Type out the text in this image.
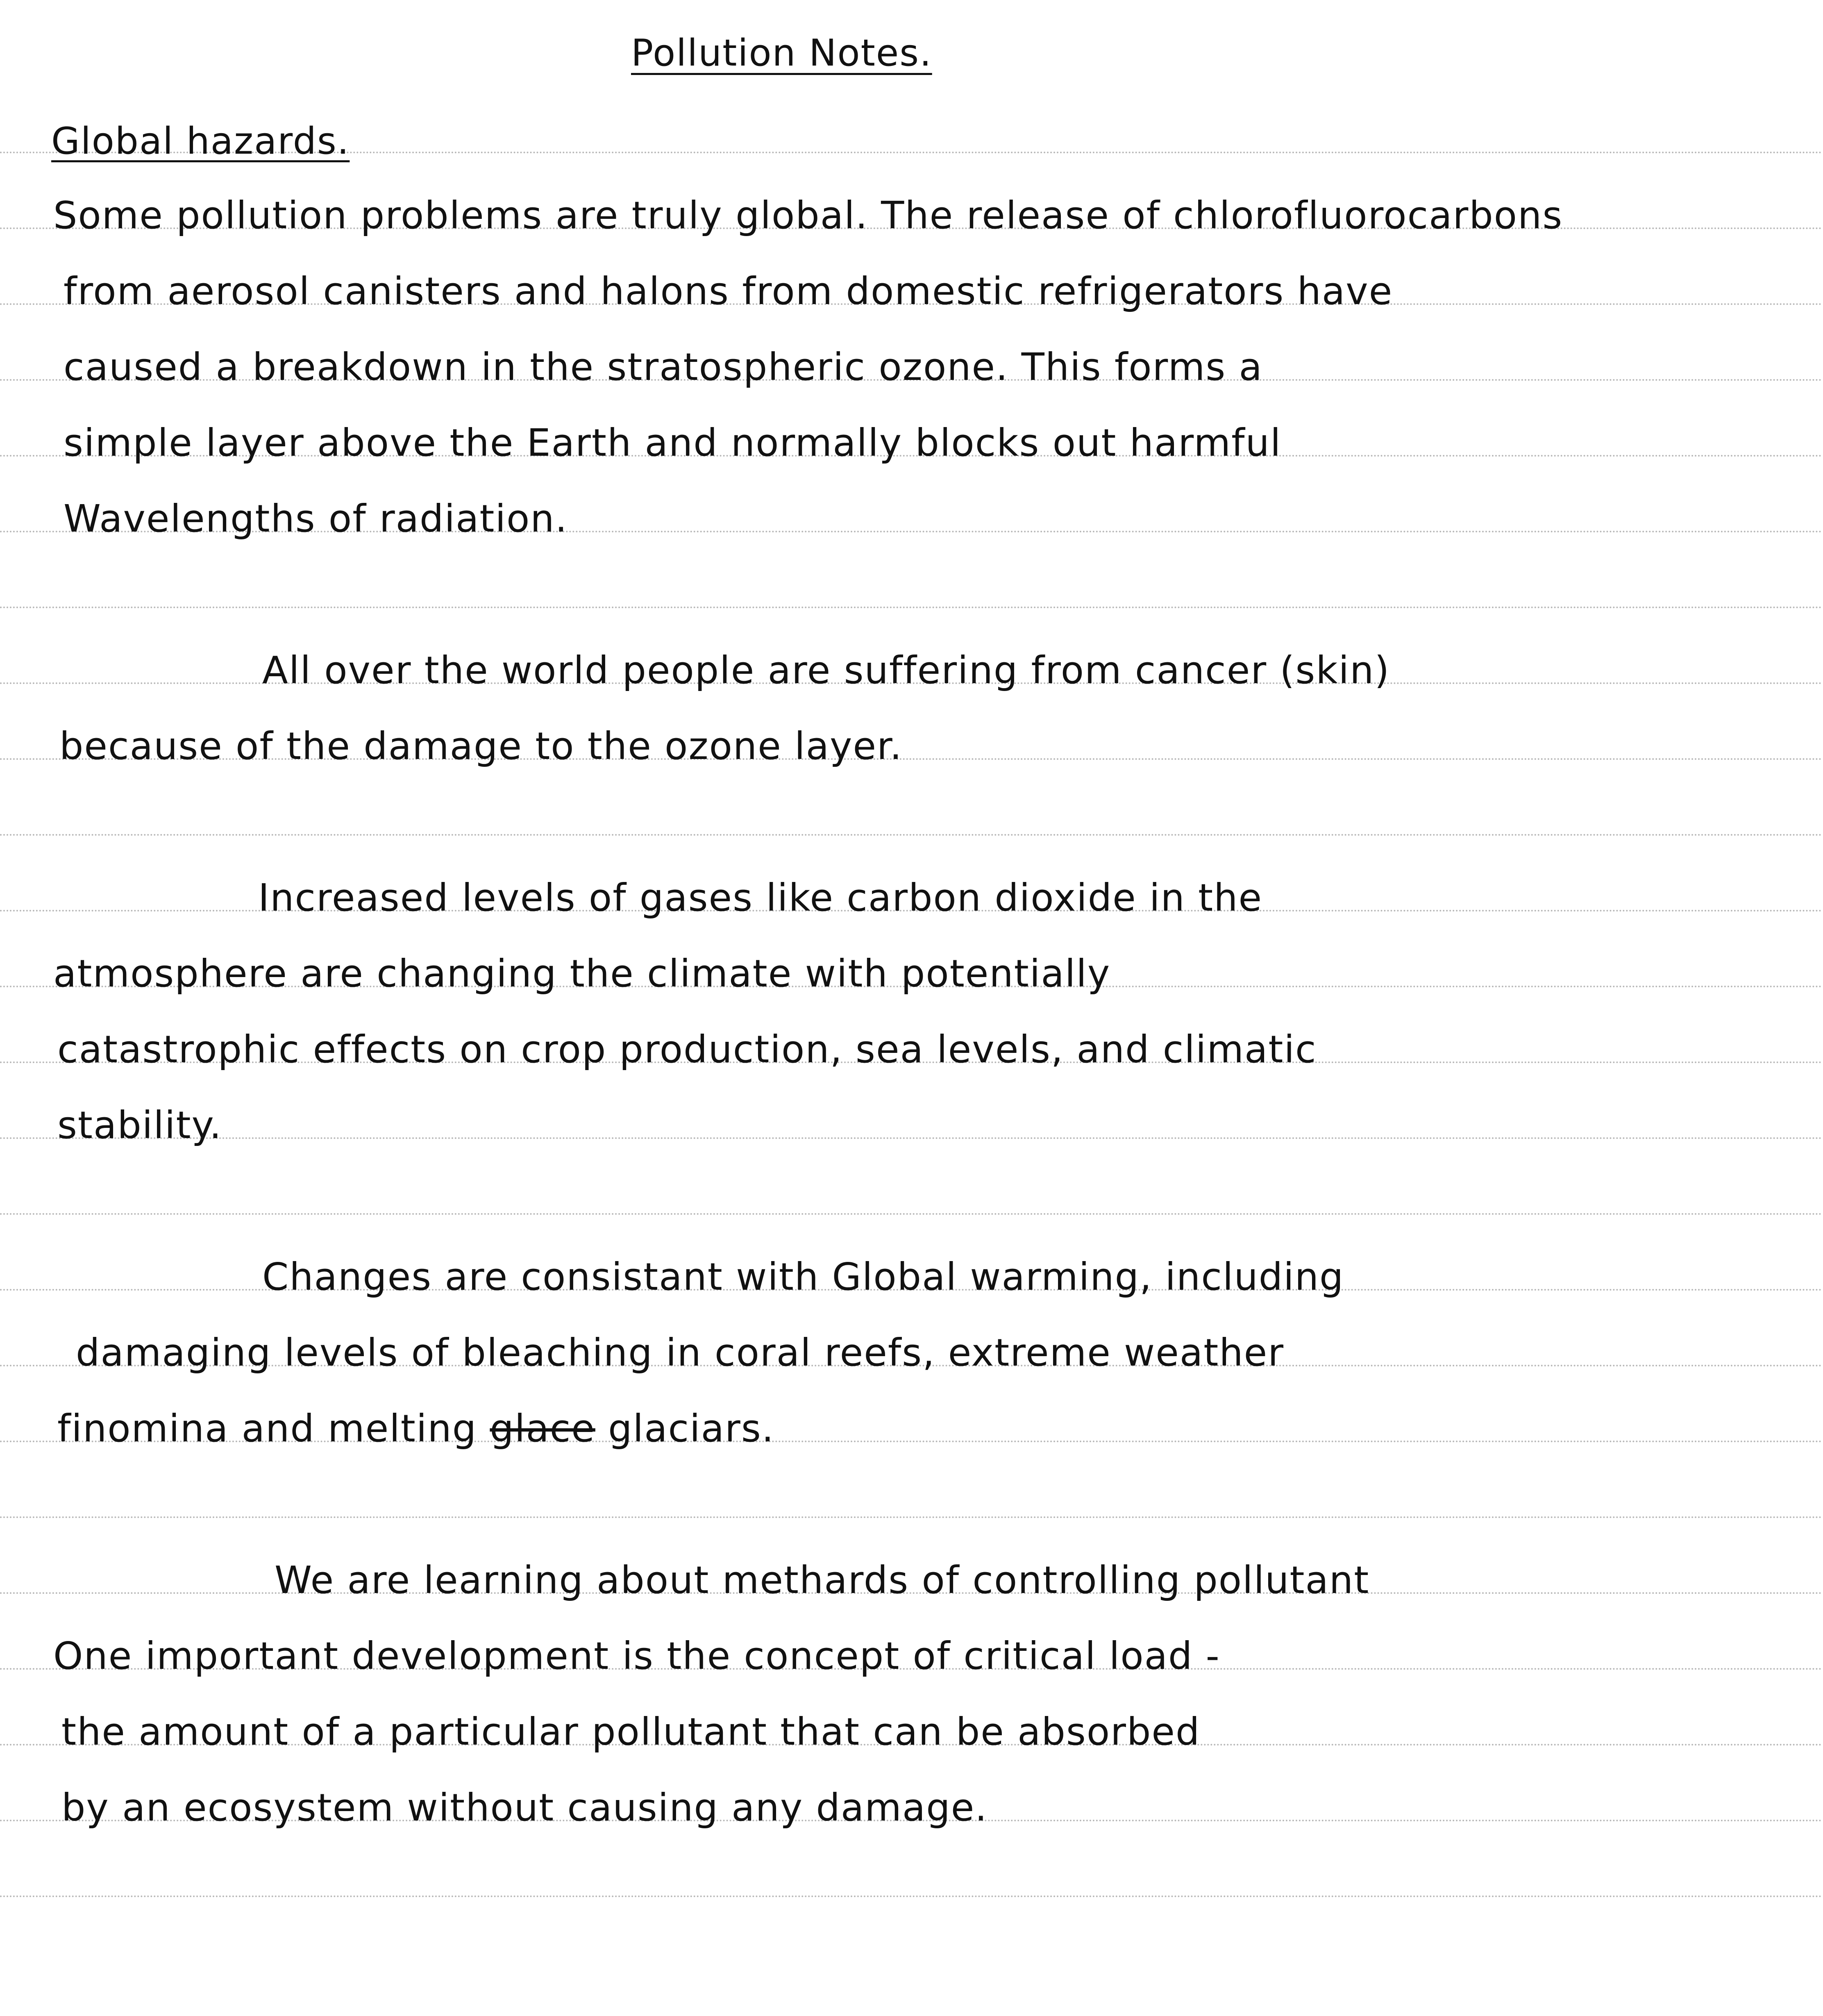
Pollution Notes.
Global hazards.
Some pollution problems are truly global. The release of chlorofluorocarbons
from aerosol canisters and halons from domestic refrigerators have
caused a breakdown in the stratospheric ozone. This forms a
simple layer above the Earth and normally blocks out harmful
Wavelengths of radiation.
All over the world people are suffering from cancer (skin)
because of the damage to the ozone layer.
Increased levels of gases like carbon dioxide in the
atmosphere are changing the climate with potentially
catastrophic effects on crop production, sea levels, and climatic
stability.
Changes are consistant with Global warming, including
damaging levels of bleaching in coral reefs, extreme weather
finomina and melting glace glaciars.
We are learning about methards of controlling pollutant
One important development is the concept of critical load -
the amount of a particular pollutant that can be absorbed
by an ecosystem without causing any damage.
